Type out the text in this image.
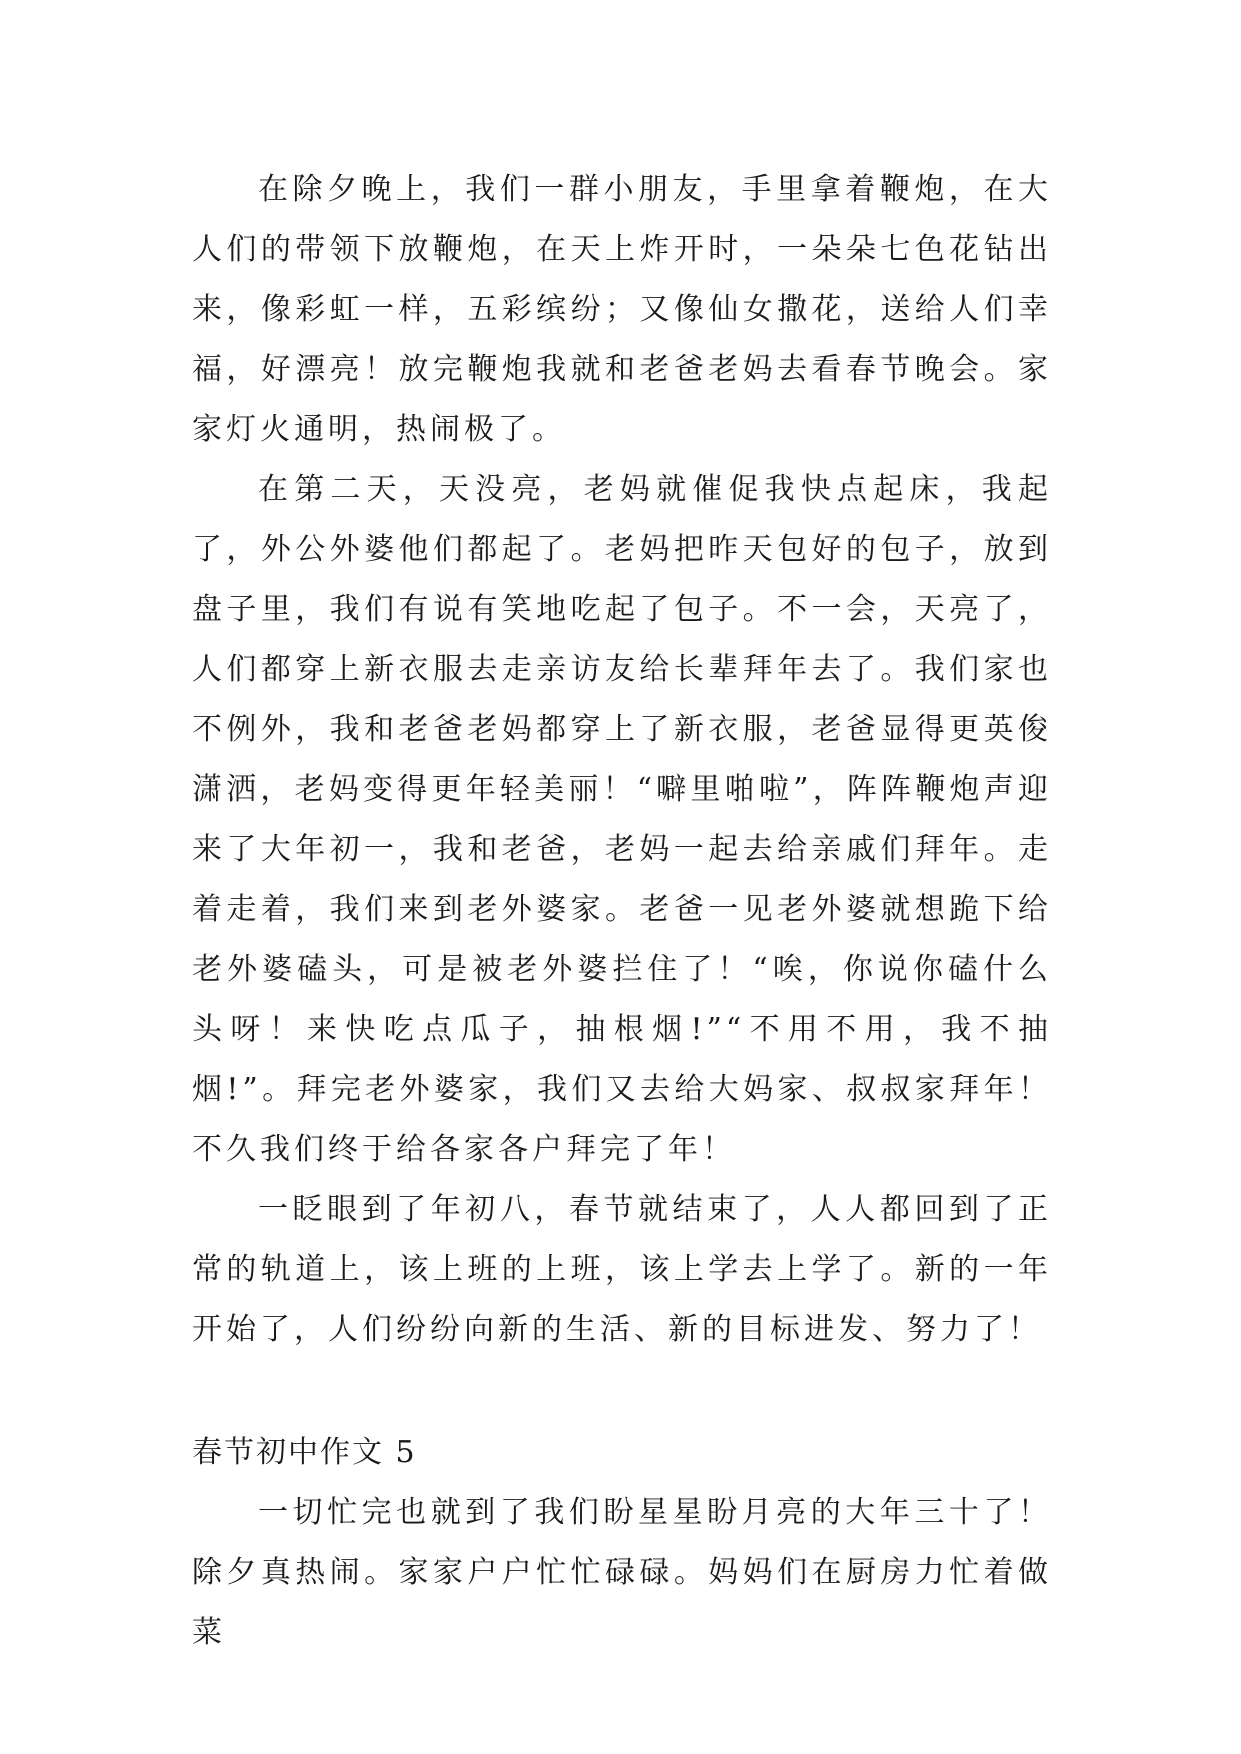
在除夕晚上，我们一群小朋友，手里拿着鞭炮，在大人们的带领下放鞭炮，在天上炸开时，一朵朵七色花钻出来，像彩虹一样，五彩缤纷；又像仙女撒花，送给人们幸福，好漂亮！放完鞭炮我就和老爸老妈去看春节晚会。家家灯火通明，热闹极了。

在第二天，天没亮，老妈就催促我快点起床，我起了，外公外婆他们都起了。老妈把昨天包好的包子，放到盘子里，我们有说有笑地吃起了包子。不一会，天亮了，人们都穿上新衣服去走亲访友给长辈拜年去了。我们家也不例外，我和老爸老妈都穿上了新衣服，老爸显得更英俊潇洒，老妈变得更年轻美丽！“噼里啪啦”，阵阵鞭炮声迎来了大年初一，我和老爸，老妈一起去给亲戚们拜年。走着走着，我们来到老外婆家。老爸一见老外婆就想跪下给老外婆磕头，可是被老外婆拦住了！“唉，你说你磕什么头呀！来快吃点瓜子，抽根烟!”“不用不用，我不抽烟!”。拜完老外婆家，我们又去给大妈家、叔叔家拜年！不久我们终于给各家各户拜完了年！

一眨眼到了年初八，春节就结束了，人人都回到了正常的轨道上，该上班的上班，该上学去上学了。新的一年开始了，人们纷纷向新的生活、新的目标进发、努力了！

春节初中作文 5

一切忙完也就到了我们盼星星盼月亮的大年三十了！除夕真热闹。家家户户忙忙碌碌。妈妈们在厨房力忙着做菜
